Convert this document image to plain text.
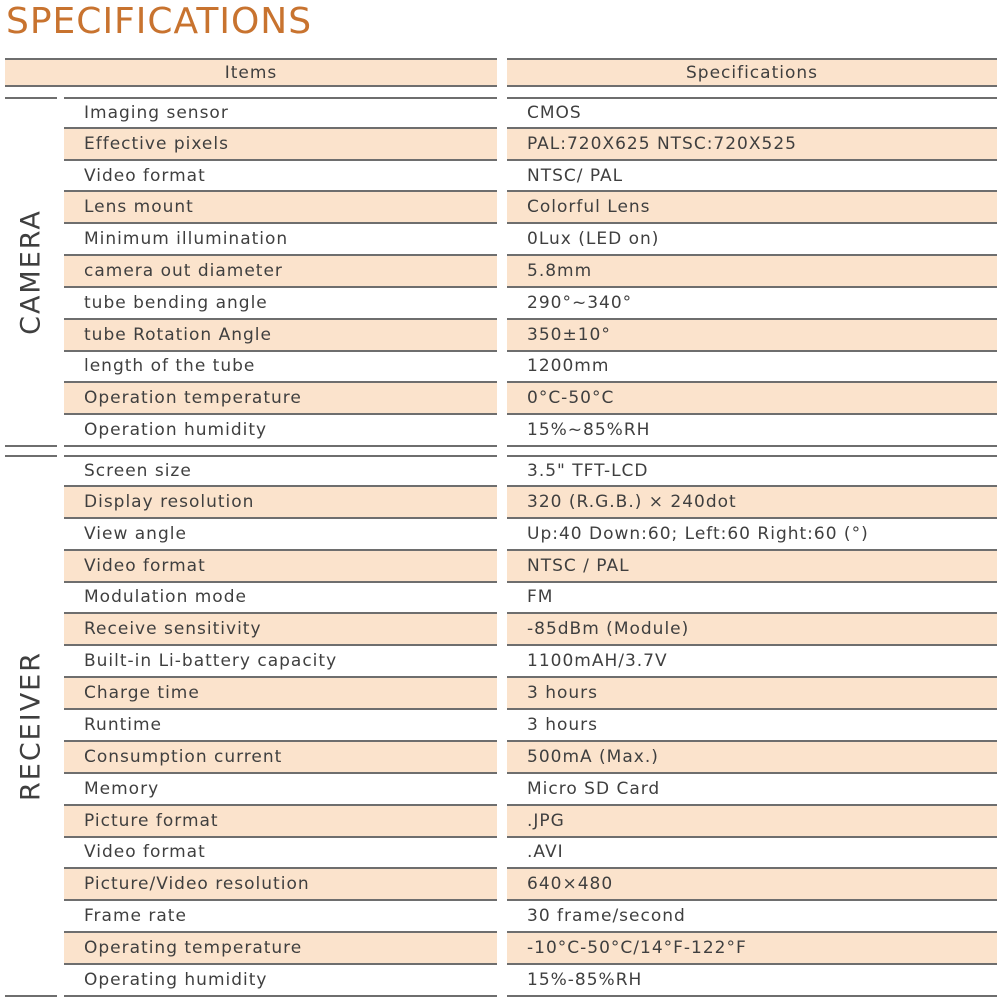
SPECIFICATIONS
Items	Specifications
CAMERA
Imaging sensor	CMOS
Effective pixels	PAL:720X625 NTSC:720X525
Video format	NTSC/ PAL
Lens mount	Colorful Lens
Minimum illumination	0Lux (LED on)
camera out diameter	5.8mm
tube bending angle	290°~340°
tube Rotation Angle	350±10°
length of the tube	1200mm
Operation temperature	0°C-50°C
Operation humidity	15%~85%RH
RECEIVER
Screen size	3.5" TFT-LCD
Display resolution	320 (R.G.B.) × 240dot
View angle	Up:40 Down:60; Left:60 Right:60 (°)
Video format	NTSC / PAL
Modulation mode	FM
Receive sensitivity	-85dBm (Module)
Built-in Li-battery capacity	1100mAH/3.7V
Charge time	3 hours
Runtime	3 hours
Consumption current	500mA (Max.)
Memory	Micro SD Card
Picture format	.JPG
Video format	.AVI
Picture/Video resolution	640×480
Frame rate	30 frame/second
Operating temperature	-10°C-50°C/14°F-122°F
Operating humidity	15%-85%RH
